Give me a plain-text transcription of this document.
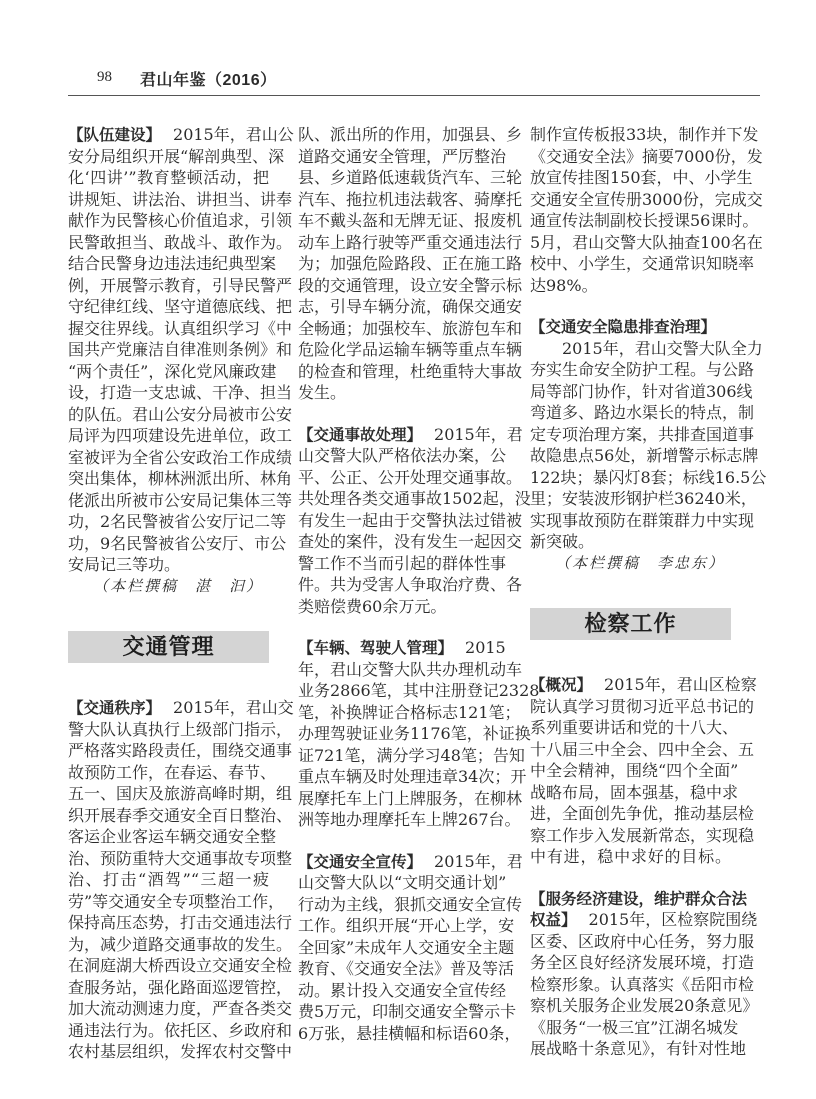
98 君山年鉴（2016）
【队伍建设】 2015年，君山公
安分局组织开展“解剖典型、深
化‘四讲’”教育整顿活动，把
讲规矩、讲法治、讲担当、讲奉
献作为民警核心价值追求，引领
民警敢担当、敢战斗、敢作为。
结合民警身边违法违纪典型案
例，开展警示教育，引导民警严
守纪律红线、坚守道德底线、把
握交往界线。认真组织学习《中
国共产党廉洁自律准则条例》和
“两个责任”，深化党风廉政建
设，打造一支忠诚、干净、担当
的队伍。君山公安分局被市公安
局评为四项建设先进单位，政工
室被评为全省公安政治工作成绩
突出集体，柳林洲派出所、林角
佬派出所被市公安局记集体三等
功，2名民警被省公安厅记二等
功，9名民警被省公安厅、市公
安局记三等功。
（本栏撰稿　湛　汩）
交通管理
【交通秩序】 2015年，君山交
警大队认真执行上级部门指示，
严格落实路段责任，围绕交通事
故预防工作，在春运、春节、
五一、国庆及旅游高峰时期，组
织开展春季交通安全百日整治、
客运企业客运车辆交通安全整
治、预防重特大交通事故专项整
治、打击“酒驾”“三超一疲
劳”等交通安全专项整治工作，
保持高压态势，打击交通违法行
为，减少道路交通事故的发生。
在洞庭湖大桥西设立交通安全检
查服务站，强化路面巡逻管控，
加大流动测速力度，严查各类交
通违法行为。依托区、乡政府和
农村基层组织，发挥农村交警中
队、派出所的作用，加强县、乡
道路交通安全管理，严厉整治
县、乡道路低速载货汽车、三轮
汽车、拖拉机违法载客、骑摩托
车不戴头盔和无牌无证、报废机
动车上路行驶等严重交通违法行
为；加强危险路段、正在施工路
段的交通管理，设立安全警示标
志，引导车辆分流，确保交通安
全畅通；加强校车、旅游包车和
危险化学品运输车辆等重点车辆
的检查和管理，杜绝重特大事故
发生。
【交通事故处理】 2015年，君
山交警大队严格依法办案，公
平、公正、公开处理交通事故。
共处理各类交通事故1502起，没
有发生一起由于交警执法过错被
查处的案件，没有发生一起因交
警工作不当而引起的群体性事
件。共为受害人争取治疗费、各
类赔偿费60余万元。
【车辆、驾驶人管理】 2015
年，君山交警大队共办理机动车
业务2866笔，其中注册登记2328
笔，补换牌证合格标志121笔；
办理驾驶证业务1176笔，补证换
证721笔，满分学习48笔；告知
重点车辆及时处理违章34次；开
展摩托车上门上牌服务，在柳林
洲等地办理摩托车上牌267台。
【交通安全宣传】 2015年，君
山交警大队以“文明交通计划”
行动为主线，狠抓交通安全宣传
工作。组织开展“开心上学，安
全回家”未成年人交通安全主题
教育、《交通安全法》普及等活
动。累计投入交通安全宣传经
费5万元，印制交通安全警示卡
6万张，悬挂横幅和标语60条，
制作宣传板报33块，制作并下发
《交通安全法》摘要7000份，发
放宣传挂图150套，中、小学生
交通安全宣传册3000份，完成交
通宣传法制副校长授课56课时。
5月，君山交警大队抽查100名在
校中、小学生，交通常识知晓率
达98%。
【交通安全隐患排查治理】
　　2015年，君山交警大队全力
夯实生命安全防护工程。与公路
局等部门协作，针对省道306线
弯道多、路边水渠长的特点，制
定专项治理方案，共排查国道事
故隐患点56处，新增警示标志牌
122块；暴闪灯8套；标线16.5公
里；安装波形钢护栏36240米，
实现事故预防在群策群力中实现
新突破。
（本栏撰稿　李忠东）
检察工作
【概况】 2015年，君山区检察
院认真学习贯彻习近平总书记的
系列重要讲话和党的十八大、
十八届三中全会、四中全会、五
中全会精神，围绕“四个全面”
战略布局，固本强基，稳中求
进，全面创先争优，推动基层检
察工作步入发展新常态，实现稳
中有进，稳中求好的目标。
【服务经济建设，维护群众合法
权益】 2015年，区检察院围绕
区委、区政府中心任务，努力服
务全区良好经济发展环境，打造
检察形象。认真落实《岳阳市检
察机关服务企业发展20条意见》
《服务“一极三宜”江湖名城发
展战略十条意见》，有针对性地
